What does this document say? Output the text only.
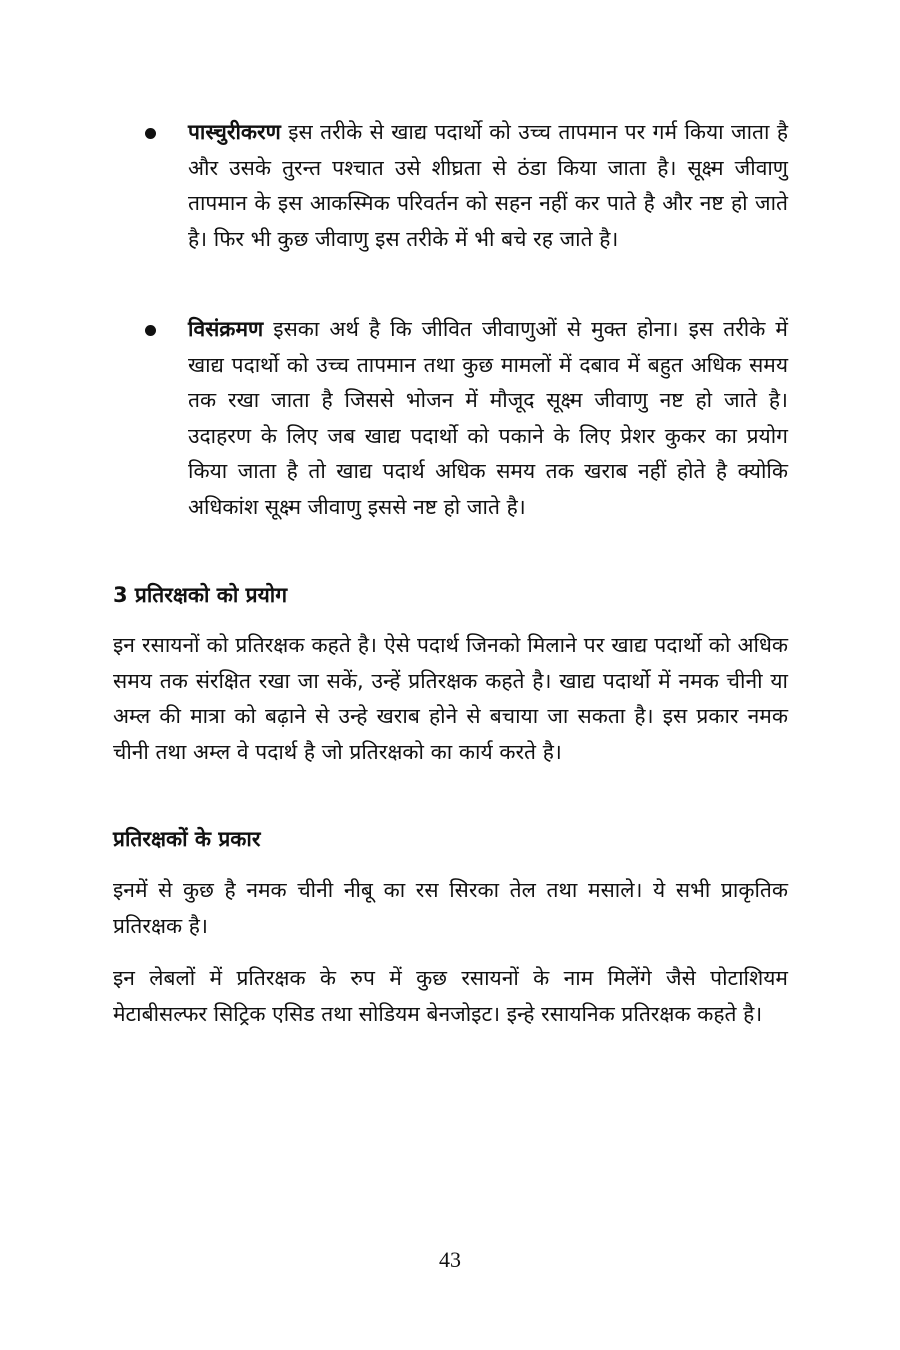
पास्चुरीकरण इस तरीके से खाद्य पदार्थो को उच्च तापमान पर गर्म किया जाता है और उसके तुरन्त पश्चात उसे शीघ्रता से ठंडा किया जाता है। सूक्ष्म जीवाणु तापमान के इस आकस्मिक परिवर्तन को सहन नहीं कर पाते है और नष्ट हो जाते है। फिर भी कुछ जीवाणु इस तरीके में भी बचे रह जाते है।
विसंक्रमण इसका अर्थ है कि जीवित जीवाणुओं से मुक्त होना। इस तरीके में खाद्य पदार्थो को उच्च तापमान तथा कुछ मामलों में दबाव में बहुत अधिक समय तक रखा जाता है जिससे भोजन में मौजूद सूक्ष्म जीवाणु नष्ट हो जाते है। उदाहरण के लिए जब खाद्य पदार्थो को पकाने के लिए प्रेशर कुकर का प्रयोग किया जाता है तो खाद्य पदार्थ अधिक समय तक खराब नहीं होते है क्योकि अधिकांश सूक्ष्म जीवाणु इससे नष्ट हो जाते है।
3 प्रतिरक्षको को प्रयोग
इन रसायनों को प्रतिरक्षक कहते है। ऐसे पदार्थ जिनको मिलाने पर खाद्य पदार्थो को अधिक समय तक संरक्षित रखा जा सकें, उन्हें प्रतिरक्षक कहते है। खाद्य पदार्थो में नमक चीनी या अम्ल की मात्रा को बढ़ाने से उन्हे खराब होने से बचाया जा सकता है। इस प्रकार नमक चीनी तथा अम्ल वे पदार्थ है जो प्रतिरक्षको का कार्य करते है।
प्रतिरक्षकों के प्रकार
इनमें से कुछ है नमक चीनी नीबू का रस सिरका तेल तथा मसाले। ये सभी प्राकृतिक प्रतिरक्षक है।
इन लेबलों में प्रतिरक्षक के रुप में कुछ रसायनों के नाम मिलेंगे जैसे पोटाशियम मेटाबीसल्फर सिट्रिक एसिड तथा सोडियम बेनजोइट। इन्हे रसायनिक प्रतिरक्षक कहते है।
43
